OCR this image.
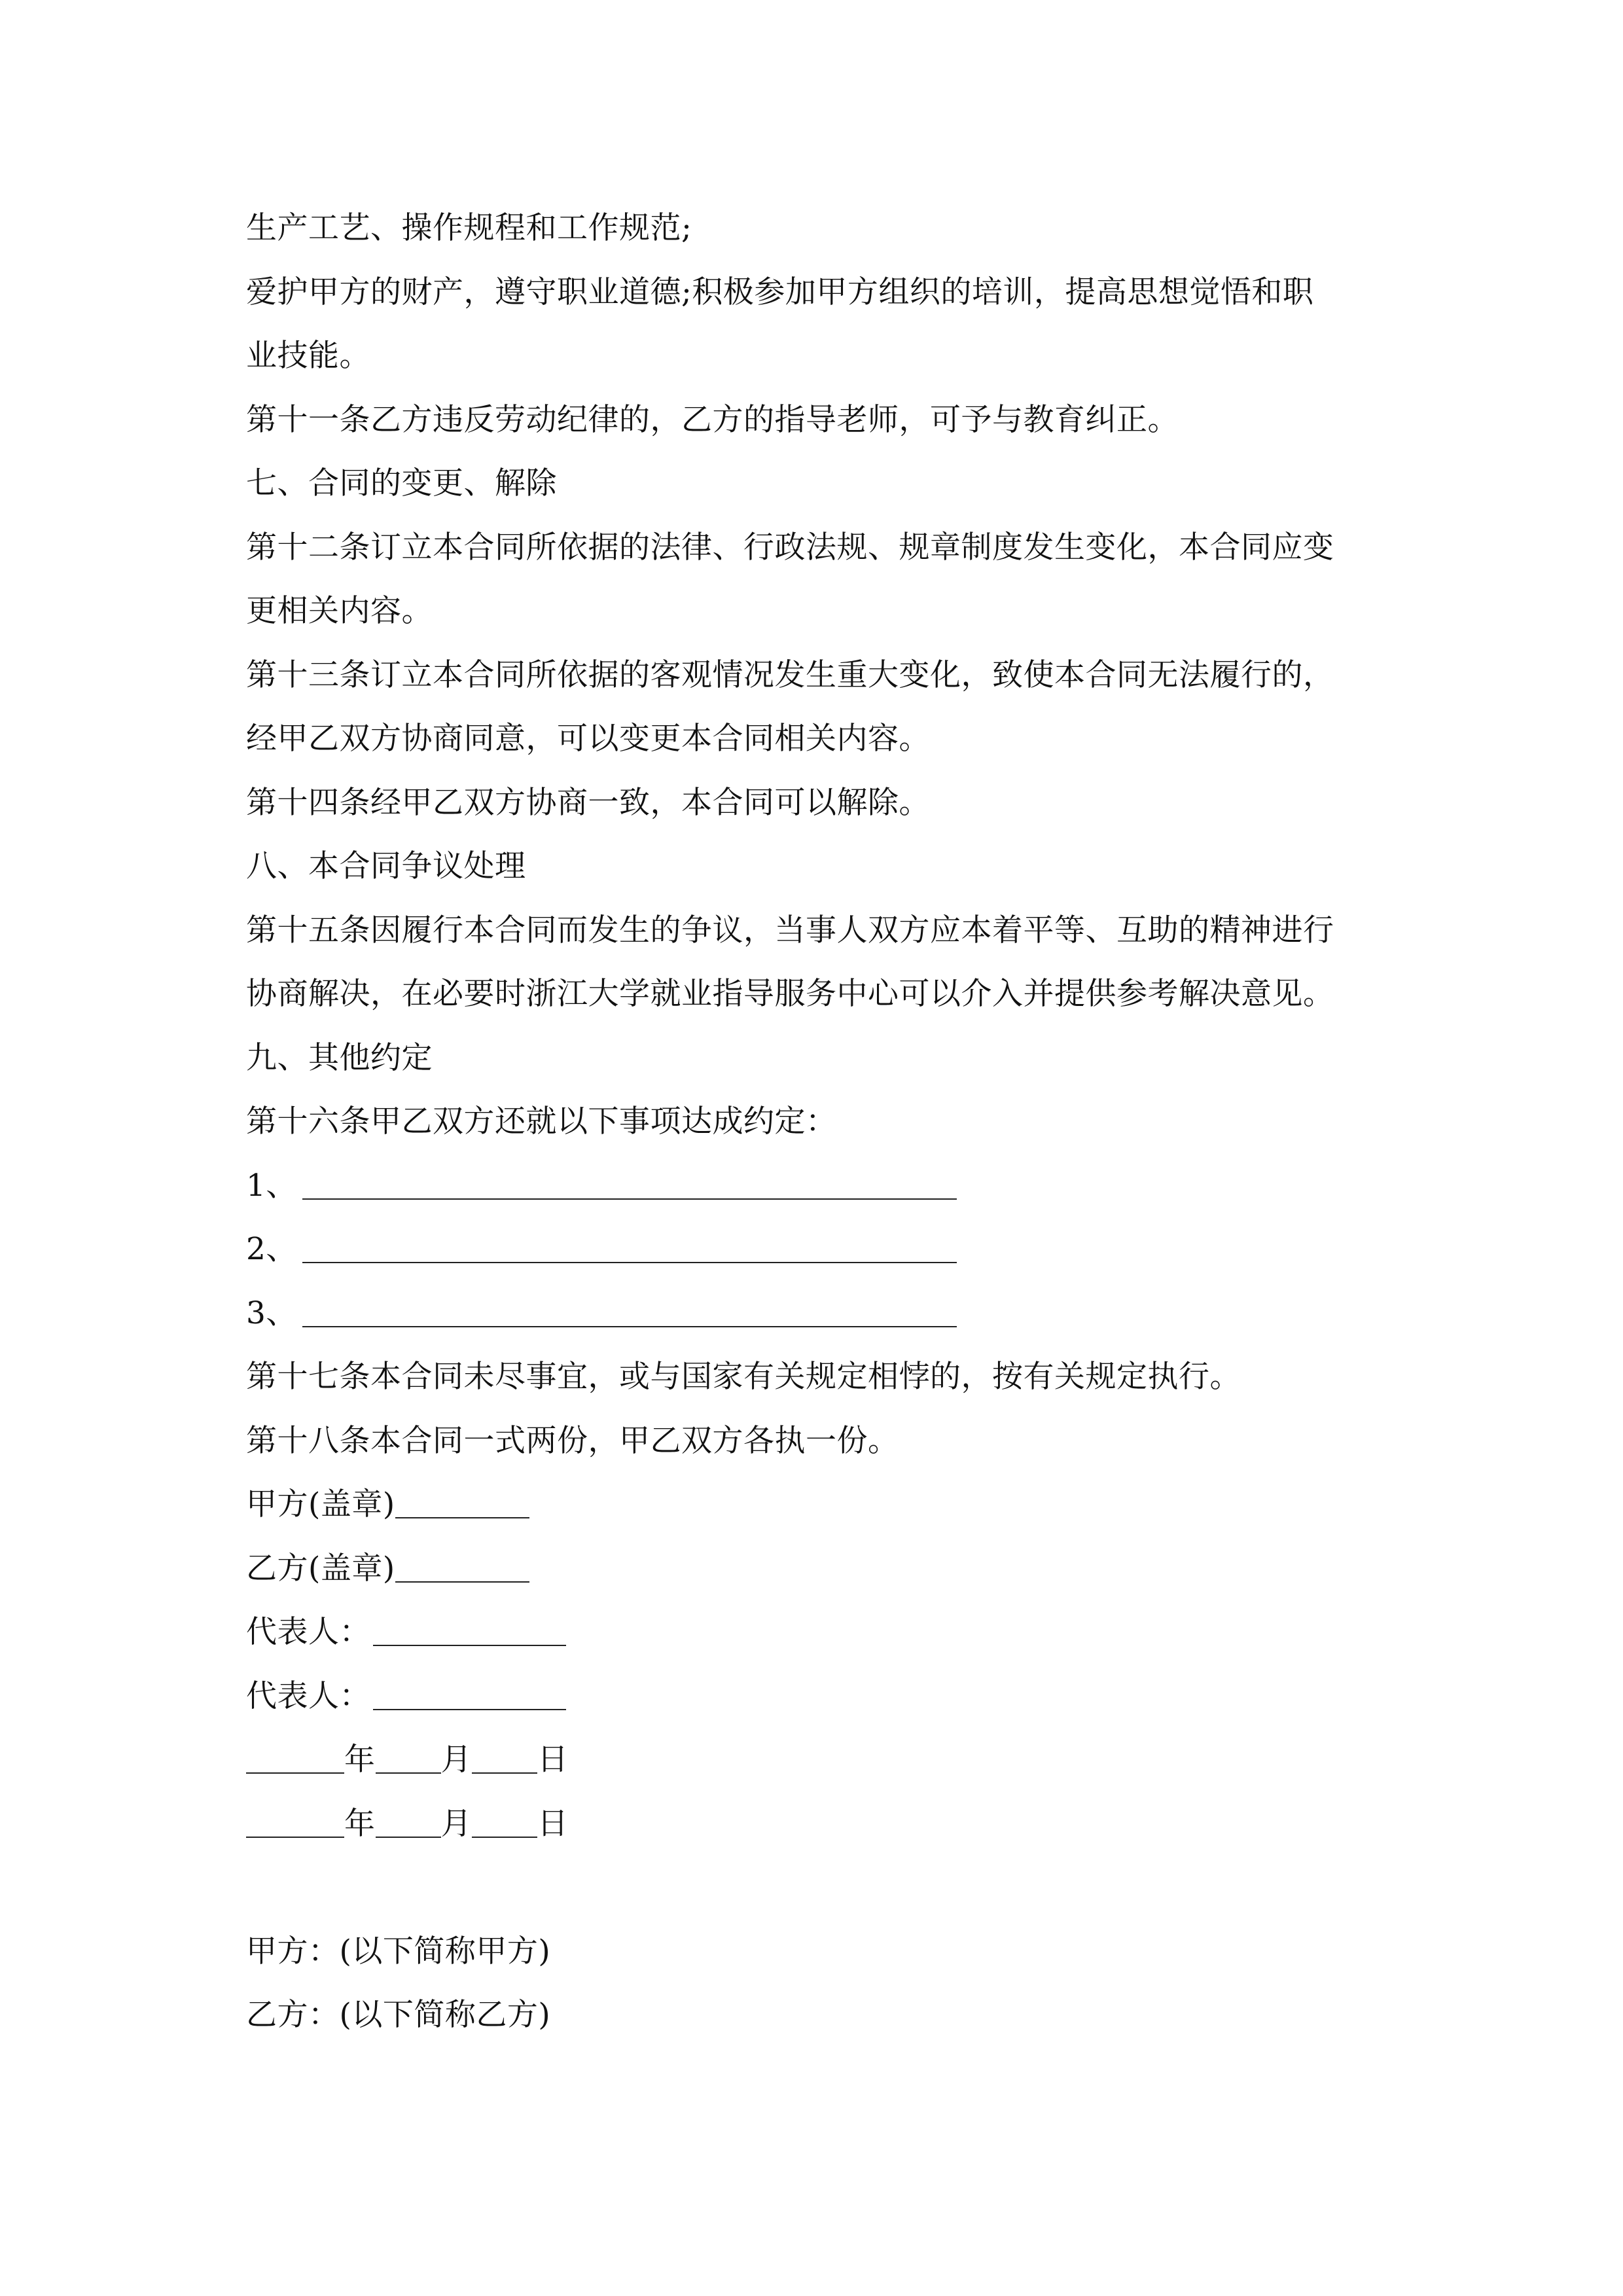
生产工艺、操作规程和工作规范;
爱护甲方的财产，遵守职业道德;积极参加甲方组织的培训，提高思想觉悟和职
业技能。
第十一条乙方违反劳动纪律的，乙方的指导老师，可予与教育纠正。
七、合同的变更、解除
第十二条订立本合同所依据的法律、行政法规、规章制度发生变化，本合同应变
更相关内容。
第十三条订立本合同所依据的客观情况发生重大变化，致使本合同无法履行的，
经甲乙双方协商同意，可以变更本合同相关内容。
第十四条经甲乙双方协商一致，本合同可以解除。
八、本合同争议处理
第十五条因履行本合同而发生的争议，当事人双方应本着平等、互助的精神进行
协商解决，在必要时浙江大学就业指导服务中心可以介入并提供参考解决意见。
九、其他约定
第十六条甲乙双方还就以下事项达成约定：
1、
2、
3、
第十七条本合同未尽事宜，或与国家有关规定相悖的，按有关规定执行。
第十八条本合同一式两份，甲乙双方各执一份。
甲方(盖章)
乙方(盖章)
代表人：
代表人：
年 月 日
年 月 日
甲方：(以下简称甲方)
乙方：(以下简称乙方)
